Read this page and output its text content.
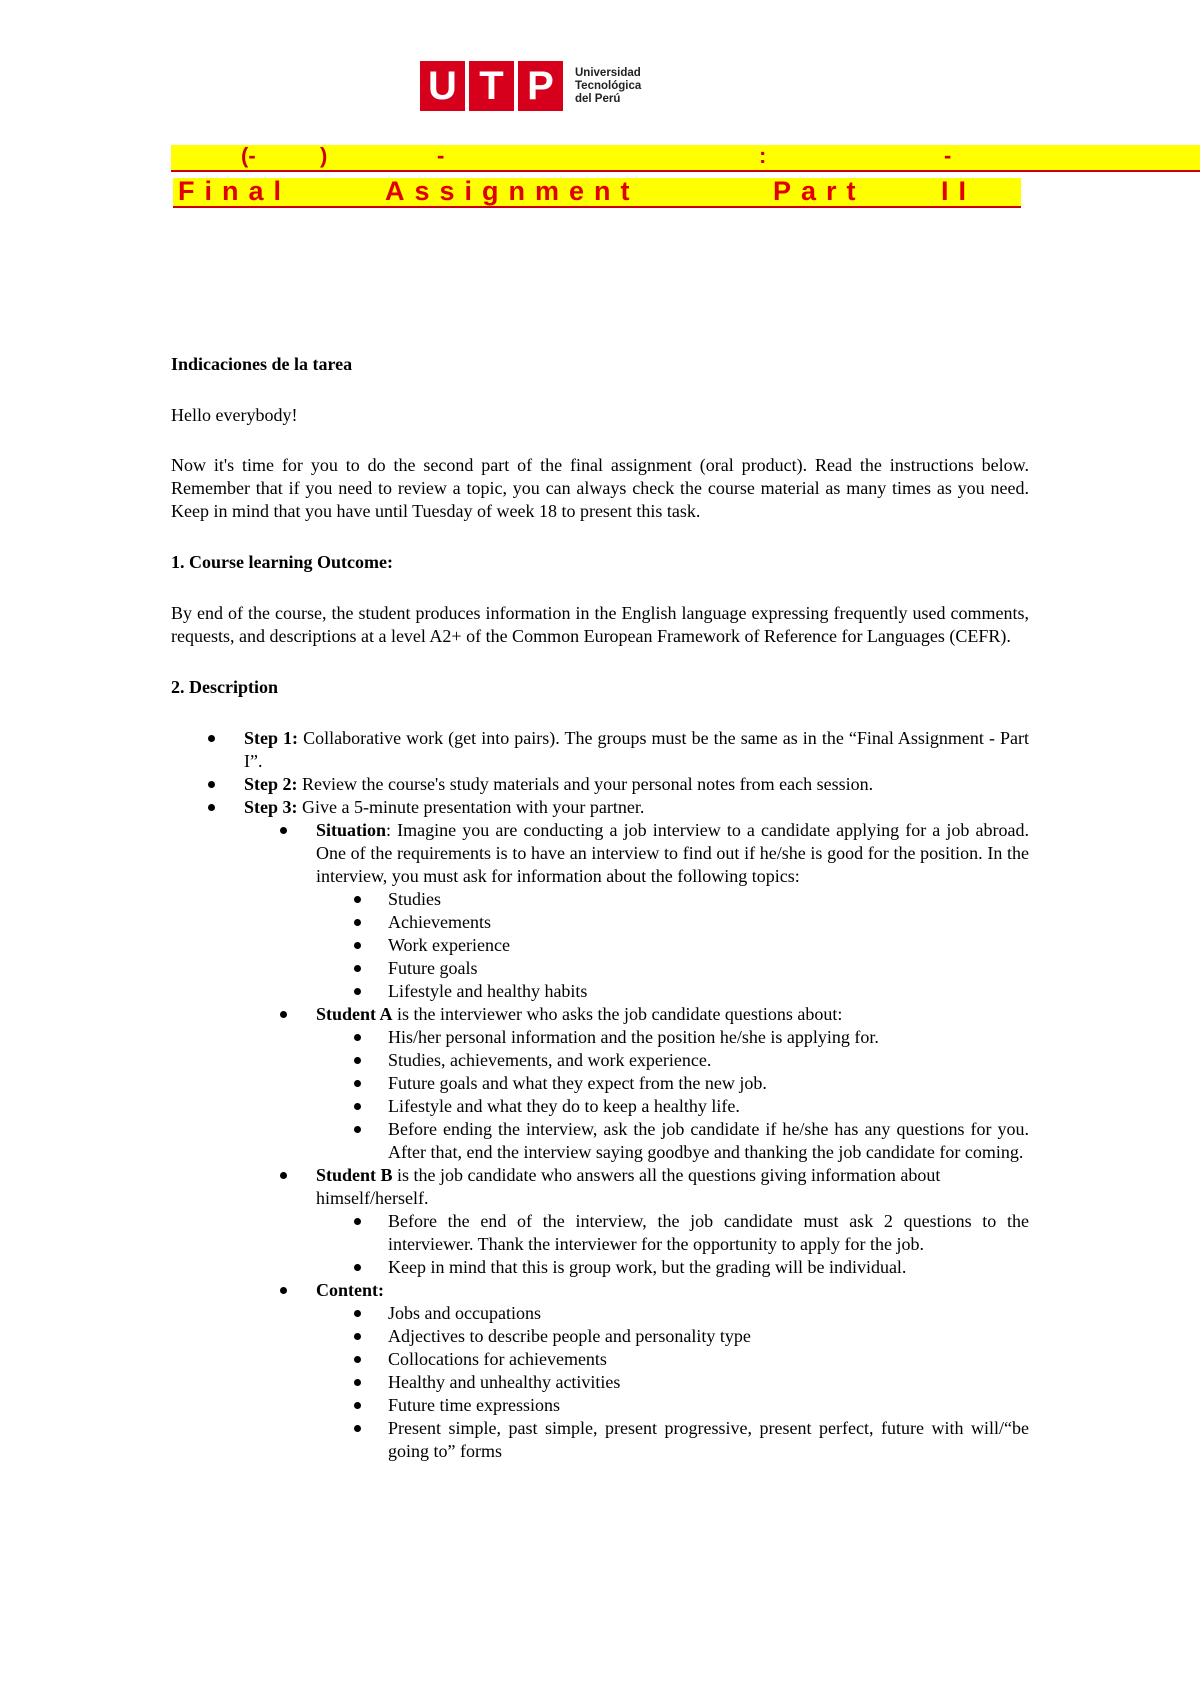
U T P	Universidad
Tecnológica
del Perú
(-	)	-	:	-
Final	Assignment	Part	II

Indicaciones de la tarea

Hello everybody!

Now it's time for you to do the second part of the final assignment (oral product). Read the instructions below. Remember that if you need to review a topic, you can always check the course material as many times as you need. Keep in mind that you have until Tuesday of week 18 to present this task.

1. Course learning Outcome:

By end of the course, the student produces information in the English language expressing frequently used comments, requests, and descriptions at a level A2+ of the Common European Framework of Reference for Languages (CEFR).

2. Description

Step 1: Collaborative work (get into pairs). The groups must be the same as in the “Final Assignment - Part I”.
Step 2: Review the course's study materials and your personal notes from each session.
Step 3: Give a 5-minute presentation with your partner.
Situation: Imagine you are conducting a job interview to a candidate applying for a job abroad. One of the requirements is to have an interview to find out if he/she is good for the position. In the interview, you must ask for information about the following topics:
Studies
Achievements
Work experience
Future goals
Lifestyle and healthy habits
Student A is the interviewer who asks the job candidate questions about:
His/her personal information and the position he/she is applying for.
Studies, achievements, and work experience.
Future goals and what they expect from the new job.
Lifestyle and what they do to keep a healthy life.
Before ending the interview, ask the job candidate if he/she has any questions for you. After that, end the interview saying goodbye and thanking the job candidate for coming.
Student B is the job candidate who answers all the questions giving information about himself/herself.
Before the end of the interview, the job candidate must ask 2 questions to the interviewer. Thank the interviewer for the opportunity to apply for the job.
Keep in mind that this is group work, but the grading will be individual.
Content:
Jobs and occupations
Adjectives to describe people and personality type
Collocations for achievements
Healthy and unhealthy activities
Future time expressions
Present simple, past simple, present progressive, present perfect, future with will/“be going to” forms
